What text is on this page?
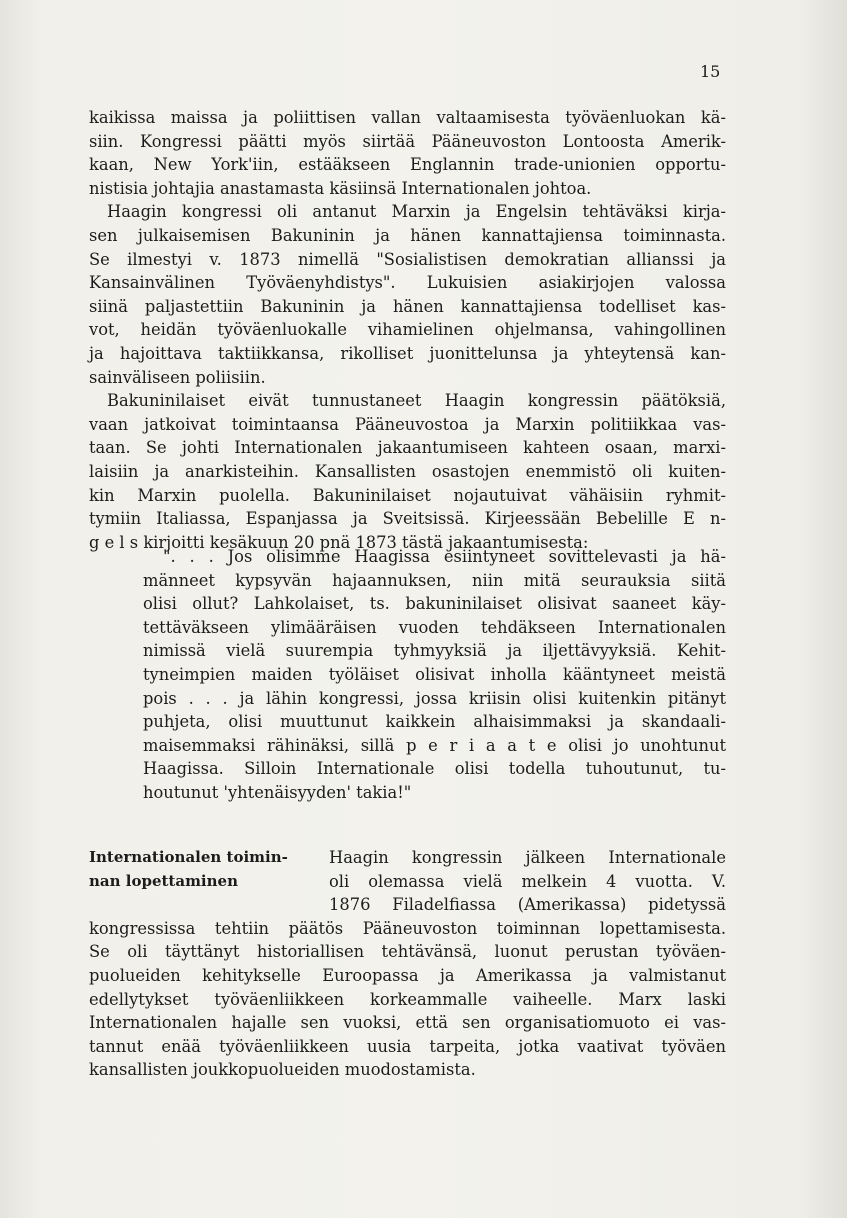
15
kaikissa maissa ja poliittisen vallan valtaamisesta työväenluokan kä-
siin. Kongressi päätti myös siirtää Pääneuvoston Lontoosta Amerik-
kaan, New York'iin, estääkseen Englannin trade-unionien opportu-
nistisia johtajia anastamasta käsiinsä Internationalen johtoa.
Haagin kongressi oli antanut Marxin ja Engelsin tehtäväksi kirja-
sen julkaisemisen Bakuninin ja hänen kannattajiensa toiminnasta.
Se ilmestyi v. 1873 nimellä "Sosialistisen demokratian allianssi ja
Kansainvälinen Työväenyhdistys". Lukuisien asiakirjojen valossa
siinä paljastettiin Bakuninin ja hänen kannattajiensa todelliset kas-
vot, heidän työväenluokalle vihamielinen ohjelmansa, vahingollinen
ja hajoittava taktiikkansa, rikolliset juonittelunsa ja yhteytensä kan-
sainväliseen poliisiin.
Bakuninilaiset eivät tunnustaneet Haagin kongressin päätöksiä,
vaan jatkoivat toimintaansa Pääneuvostoa ja Marxin politiikkaa vas-
taan. Se johti Internationalen jakaantumiseen kahteen osaan, marxi-
laisiin ja anarkisteihin. Kansallisten osastojen enemmistö oli kuiten-
kin Marxin puolella. Bakuninilaiset nojautuivat vähäisiin ryhmit-
tymiin Italiassa, Espanjassa ja Sveitsissä. Kirjeessään Bebelille E n-
g e l s kirjoitti kesäkuun 20 pnä 1873 tästä jakaantumisesta:
". . . Jos olisimme Haagissa esiintyneet sovittelevasti ja hä-
männeet kypsyvän hajaannuksen, niin mitä seurauksia siitä
olisi ollut? Lahkolaiset, ts. bakuninilaiset olisivat saaneet käy-
tettäväkseen ylimääräisen vuoden tehdäkseen Internationalen
nimissä vielä suurempia tyhmyyksiä ja iljettävyyksiä. Kehit-
tyneimpien maiden työläiset olisivat inholla kääntyneet meistä
pois . . . ja lähin kongressi, jossa kriisin olisi kuitenkin pitänyt
puhjeta, olisi muuttunut kaikkein alhaisimmaksi ja skandaali-
maisemmaksi rähinäksi, sillä p e r i a a t e olisi jo unohtunut
Haagissa. Silloin Internationale olisi todella tuhoutunut, tu-
houtunut 'yhtenäisyyden' takia!"
Internationalen toimin-
nan lopettaminen
Haagin kongressin jälkeen Internationale
oli olemassa vielä melkein 4 vuotta. V.
1876 Filadelfiassa (Amerikassa) pidetyssä
kongressissa tehtiin päätös Pääneuvoston toiminnan lopettamisesta.
Se oli täyttänyt historiallisen tehtävänsä, luonut perustan työväen-
puolueiden kehitykselle Euroopassa ja Amerikassa ja valmistanut
edellytykset työväenliikkeen korkeammalle vaiheelle. Marx laski
Internationalen hajalle sen vuoksi, että sen organisatiomuoto ei vas-
tannut enää työväenliikkeen uusia tarpeita, jotka vaativat työväen
kansallisten joukkopuolueiden muodostamista.
